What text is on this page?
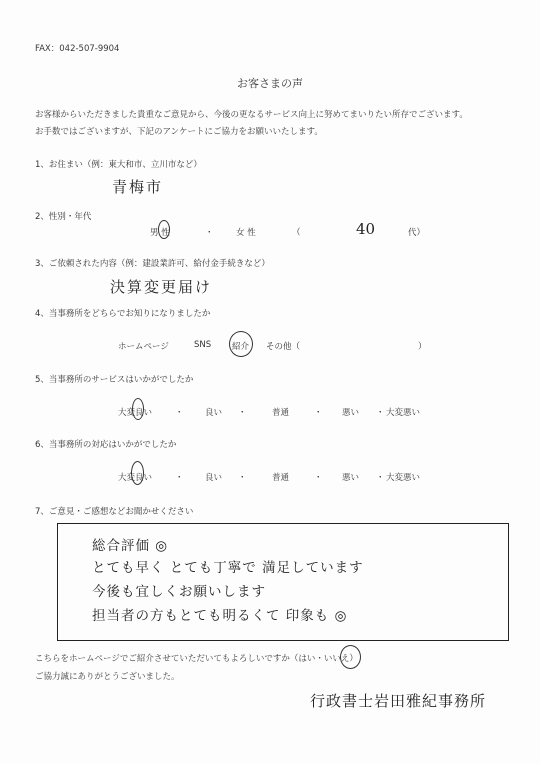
FAX：042-507-9904
お客さまの声
お客様からいただきました貴重なご意見から、今後の更なるサービス向上に努めてまいりたい所存でございます。
お手数ではございますが、下記のアンケートにご協力をお願いいたします。
1、お住まい（例：東大和市、立川市など）
青梅市
2、性別・年代
男 性	・	女 性	（	40	代）
3、ご依頼された内容（例：建設業許可、給付金手続きなど）
決算変更届け
4、当事務所をどちらでお知りになりましたか
ホームページ	SNS 紹介 その他（	）
5、当事務所のサービスはいかがでしたか
大変良い	・	良い ・	普通	・ 悪い ・ 大変悪い
6、当事務所の対応はいかがでしたか
大変良い	・	良い ・	普通	・ 悪い ・ 大変悪い
7、ご意見・ご感想などお聞かせください
総合評価 ◎
とても早く とても丁寧で 満足しています
今後も宜しくお願いします
担当者の方もとても明るくて 印象も ◎
こちらをホームページでご紹介させていただいてもよろしいですか（はい・いいえ）
ご協力誠にありがとうございました。
行政書士岩田雅紀事務所
